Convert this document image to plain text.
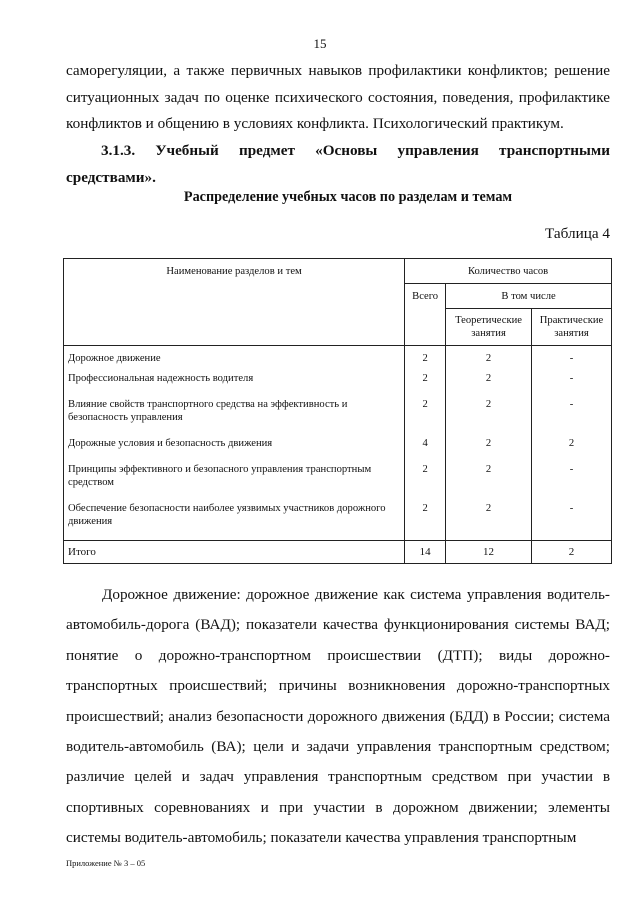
15
саморегуляции, а также первичных навыков профилактики конфликтов; решение ситуационных задач по оценке психического состояния, поведения, профилактике конфликтов и общению в условиях конфликта. Психологический практикум.
3.1.3. Учебный предмет «Основы управления транспортными
средствами».
Распределение учебных часов по разделам и темам
Таблица 4
Наименование разделов и тем	Количество часов		
	Всего	В том числе	
		Теоретические занятия	Практические занятия
Дорожное движение	2	2	-
Профессиональная надежность водителя	2	2	-
Влияние свойств транспортного средства на эффективность и безопасность управления	2	2	-
Дорожные условия и безопасность движения	4	2	2
Принципы эффективного и безопасного управления транспортным средством	2	2	-
Обеспечение безопасности наиболее уязвимых участников дорожного движения	2	2	-
Итого	14	12	2

Дорожное движение: дорожное движение как система управления водитель-автомобиль-дорога (ВАД); показатели качества функционирования системы ВАД; понятие о дорожно-транспортном происшествии (ДТП); виды дорожно-транспортных происшествий; причины возникновения дорожно-транспортных происшествий; анализ безопасности дорожного движения (БДД) в России; система водитель-автомобиль (ВА); цели и задачи управления транспортным средством; различие целей и задач управления транспортным средством при участии в спортивных соревнованиях и при участии в дорожном движении; элементы системы водитель-автомобиль; показатели качества управления транспортным

Приложение № 3 – 05
